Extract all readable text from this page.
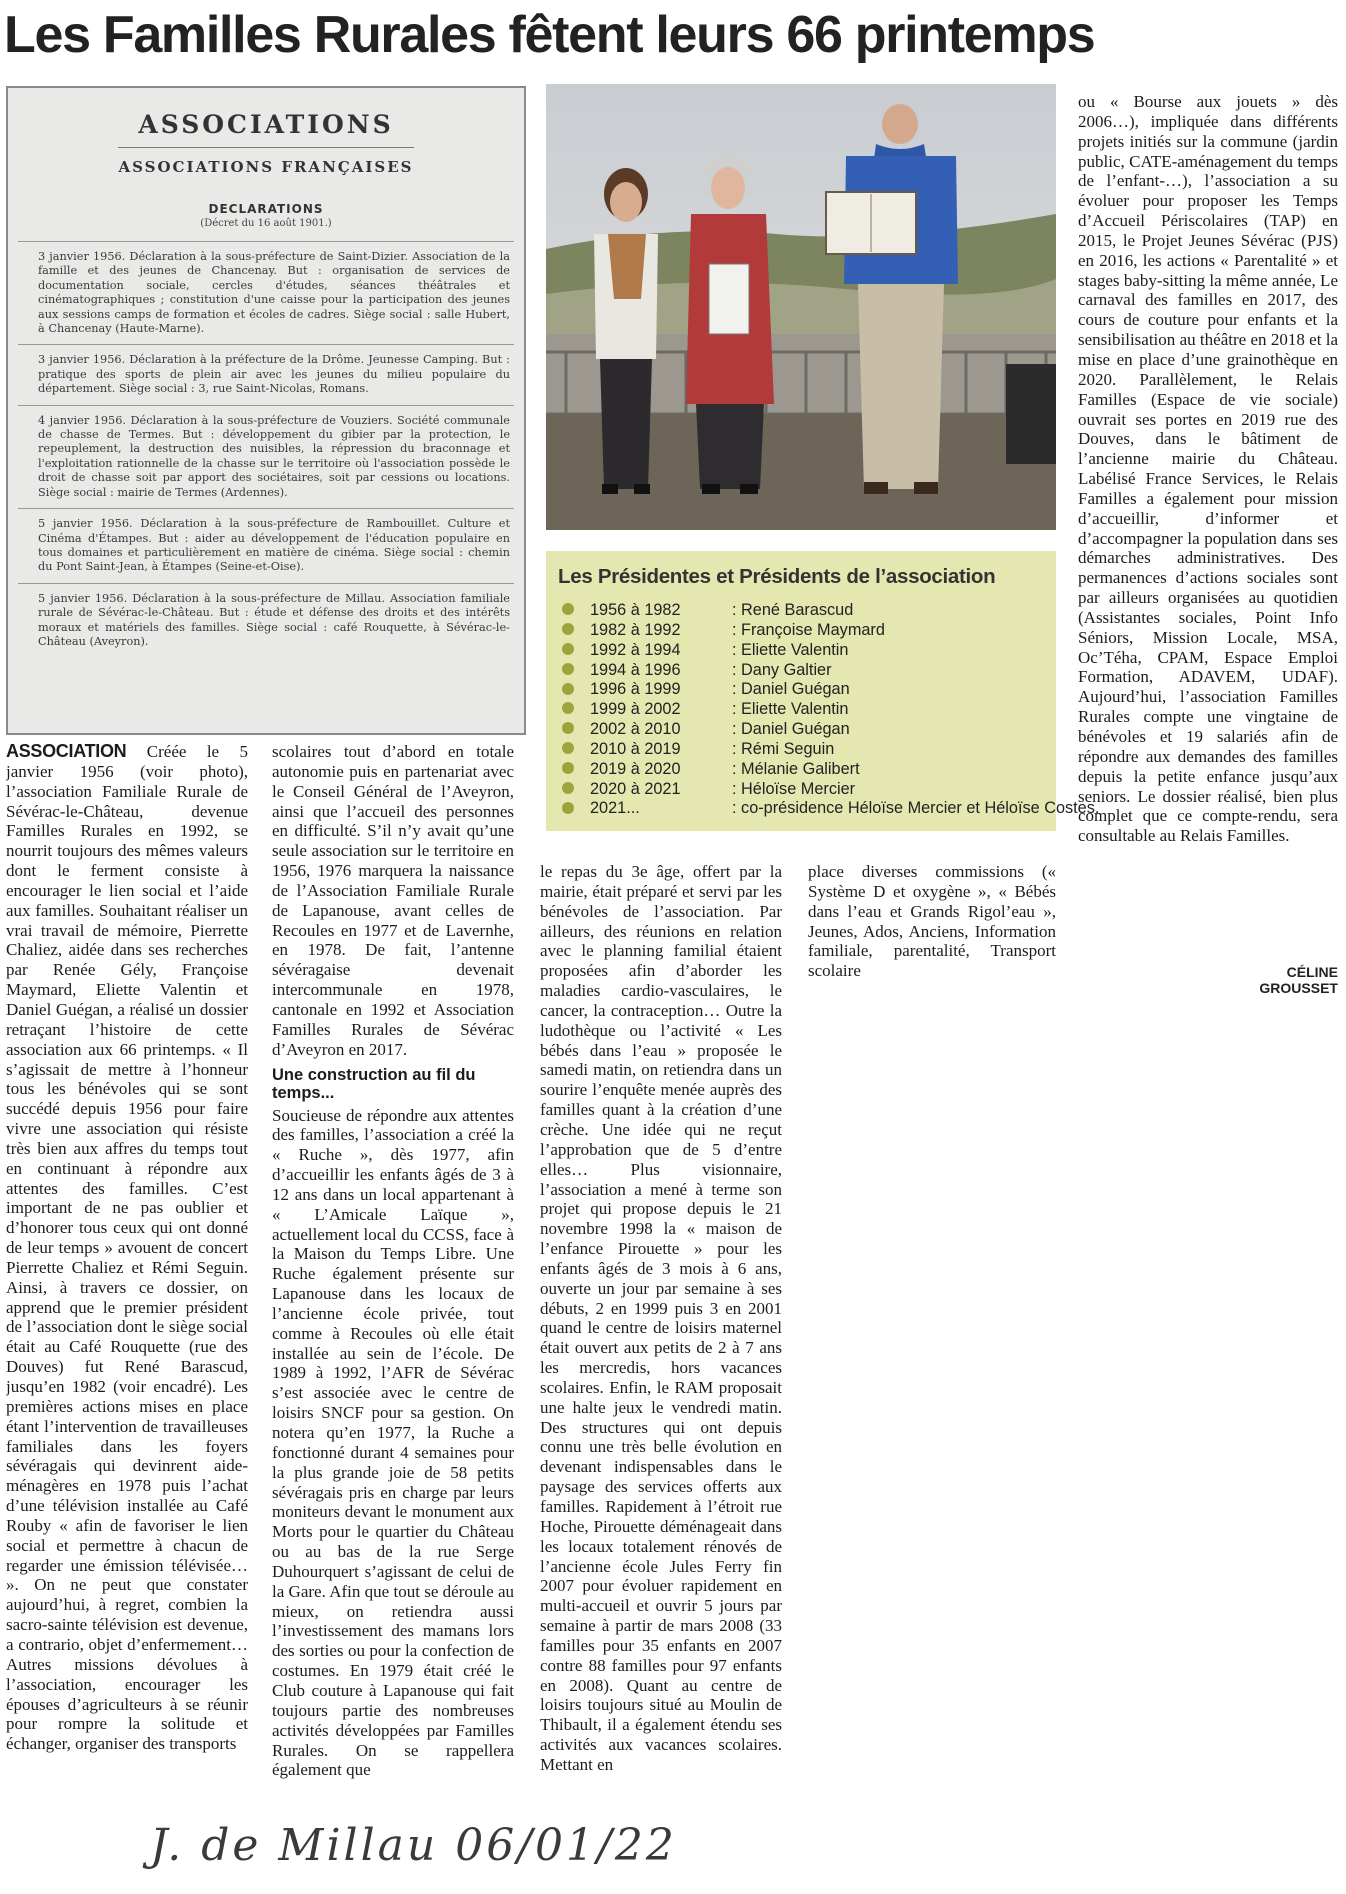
Les Familles Rurales fêtent leurs 66 printemps
ASSOCIATIONS
ASSOCIATIONS FRANÇAISES
DECLARATIONS
(Décret du 16 août 1901.)
3 janvier 1956. Déclaration à la sous-préfecture de Saint-Dizier. Association de la famille et des jeunes de Chancenay. But : organisation de services de documentation sociale, cercles d'études, séances théâtrales et cinématographiques ; constitution d'une caisse pour la participation des jeunes aux sessions camps de formation et écoles de cadres. Siège social : salle Hubert, à Chancenay (Haute-Marne).
3 janvier 1956. Déclaration à la préfecture de la Drôme. Jeunesse Camping. But : pratique des sports de plein air avec les jeunes du milieu populaire du département. Siège social : 3, rue Saint-Nicolas, Romans.
4 janvier 1956. Déclaration à la sous-préfecture de Vouziers. Société communale de chasse de Termes. But : développement du gibier par la protection, le repeuplement, la destruction des nuisibles, la répression du braconnage et l'exploitation rationnelle de la chasse sur le territoire où l'association possède le droit de chasse soit par apport des sociétaires, soit par cessions ou locations. Siège social : mairie de Termes (Ardennes).
5 janvier 1956. Déclaration à la sous-préfecture de Rambouillet. Culture et Cinéma d'Étampes. But : aider au développement de l'éducation populaire en tous domaines et particulièrement en matière de cinéma. Siège social : chemin du Pont Saint-Jean, à Étampes (Seine-et-Oise).
5 janvier 1956. Déclaration à la sous-préfecture de Millau. Association familiale rurale de Sévérac-le-Château. But : étude et défense des droits et des intérêts moraux et matériels des familles. Siège social : café Rouquette, à Sévérac-le-Château (Aveyron).
Les Présidentes et Présidents de l’association
1956 à 1982	: René Barascud
1982 à 1992	: Françoise Maymard
1992 à 1994	: Eliette Valentin
1994 à 1996	: Dany Galtier
1996 à 1999	: Daniel Guégan
1999 à 2002	: Eliette Valentin
2002 à 2010	: Daniel Guégan
2010 à 2019	: Rémi Seguin
2019 à 2020	: Mélanie Galibert
2020 à 2021	: Héloïse Mercier
2021...	: co-présidence Héloïse Mercier et Héloïse Costes.

ASSOCIATION Créée le 5 janvier 1956 (voir photo), l’association Familiale Rurale de Sévérac-le-Château, devenue Familles Rurales en 1992, se nourrit toujours des mêmes valeurs dont le ferment consiste à encourager le lien social et l’aide aux familles. Souhaitant réaliser un vrai travail de mémoire, Pierrette Chaliez, aidée dans ses recherches par Renée Gély, Françoise Maymard, Eliette Valentin et Daniel Guégan, a réalisé un dossier retraçant l’histoire de cette association aux 66 printemps. « Il s’agissait de mettre à l’honneur tous les bénévoles qui se sont succédé depuis 1956 pour faire vivre une association qui résiste très bien aux affres du temps tout en continuant à répondre aux attentes des familles. C’est important de ne pas oublier et d’honorer tous ceux qui ont donné de leur temps » avouent de concert Pierrette Chaliez et Rémi Seguin. Ainsi, à travers ce dossier, on apprend que le premier président de l’association dont le siège social était au Café Rouquette (rue des Douves) fut René Barascud, jusqu’en 1982 (voir encadré). Les premières actions mises en place étant l’intervention de travailleuses familiales dans les foyers sévéragais qui devinrent aide-ménagères en 1978 puis l’achat d’une télévision installée au Café Rouby « afin de favoriser le lien social et permettre à chacun de regarder une émission télévisée… ». On ne peut que constater aujourd’hui, à regret, combien la sacro-sainte télévision est devenue, a contrario, objet d’enfermement… Autres missions dévolues à l’association, encourager les épouses d’agriculteurs à se réunir pour rompre la solitude et échanger, organiser des transports

scolaires tout d’abord en totale autonomie puis en partenariat avec le Conseil Général de l’Aveyron, ainsi que l’accueil des personnes en difficulté. S’il n’y avait qu’une seule association sur le territoire en 1956, 1976 marquera la naissance de l’Association Familiale Rurale de Lapanouse, avant celles de Recoules en 1977 et de Lavernhe, en 1978. De fait, l’antenne sévéragaise devenait intercommunale en 1978, cantonale en 1992 et Association Familles Rurales de Sévérac d’Aveyron en 2017.

Une construction au fil du temps...

Soucieuse de répondre aux attentes des familles, l’association a créé la « Ruche », dès 1977, afin d’accueillir les enfants âgés de 3 à 12 ans dans un local appartenant à « L’Amicale Laïque », actuellement local du CCSS, face à la Maison du Temps Libre. Une Ruche également présente sur Lapanouse dans les locaux de l’ancienne école privée, tout comme à Recoules où elle était installée au sein de l’école. De 1989 à 1992, l’AFR de Sévérac s’est associée avec le centre de loisirs SNCF pour sa gestion. On notera qu’en 1977, la Ruche a fonctionné durant 4 semaines pour la plus grande joie de 58 petits sévéragais pris en charge par leurs moniteurs devant le monument aux Morts pour le quartier du Château ou au bas de la rue Serge Duhourquert s’agissant de celui de la Gare. Afin que tout se déroule au mieux, on retiendra aussi l’investissement des mamans lors des sorties ou pour la confection de costumes. En 1979 était créé le Club couture à Lapanouse qui fait toujours partie des nombreuses activités développées par Familles Rurales. On se rappellera également que

le repas du 3e âge, offert par la mairie, était préparé et servi par les bénévoles de l’association. Par ailleurs, des réunions en relation avec le planning familial étaient proposées afin d’aborder les maladies cardio-vasculaires, le cancer, la contraception… Outre la ludothèque ou l’activité « Les bébés dans l’eau » proposée le samedi matin, on retiendra dans un sourire l’enquête menée auprès des familles quant à la création d’une crèche. Une idée qui ne reçut l’approbation que de 5 d’entre elles… Plus visionnaire, l’association a mené à terme son projet qui propose depuis le 21 novembre 1998 la « maison de l’enfance Pirouette » pour les enfants âgés de 3 mois à 6 ans, ouverte un jour par semaine à ses débuts, 2 en 1999 puis 3 en 2001 quand le centre de loisirs maternel était ouvert aux petits de 2 à 7 ans les mercredis, hors vacances scolaires. Enfin, le RAM proposait une halte jeux le vendredi matin. Des structures qui ont depuis connu une très belle évolution en devenant indispensables dans le paysage des services offerts aux familles. Rapidement à l’étroit rue Hoche, Pirouette déménageait dans les locaux totalement rénovés de l’ancienne école Jules Ferry fin 2007 pour évoluer rapidement en multi-accueil et ouvrir 5 jours par semaine à partir de mars 2008 (33 familles pour 35 enfants en 2007 contre 88 familles pour 97 enfants en 2008). Quant au centre de loisirs toujours situé au Moulin de Thibault, il a également étendu ses activités aux vacances scolaires. Mettant en

place diverses commissions (« Système D et oxygène », « Bébés dans l’eau et Grands Rigol’eau », Jeunes, Ados, Anciens, Information familiale, parentalité, Transport scolaire

ou « Bourse aux jouets » dès 2006…), impliquée dans différents projets initiés sur la commune (jardin public, CATE-aménagement du temps de l’enfant-…), l’association a su évoluer pour proposer les Temps d’Accueil Périscolaires (TAP) en 2015, le Projet Jeunes Sévérac (PJS) en 2016, les actions « Parentalité » et stages baby-sitting la même année, Le carnaval des familles en 2017, des cours de couture pour enfants et la sensibilisation au théâtre en 2018 et la mise en place d’une grainothèque en 2020. Parallèlement, le Relais Familles (Espace de vie sociale) ouvrait ses portes en 2019 rue des Douves, dans le bâtiment de l’ancienne mairie du Château. Labélisé France Services, le Relais Familles a également pour mission d’accueillir, d’informer et d’accompagner la population dans ses démarches administratives. Des permanences d’actions sociales sont par ailleurs organisées au quotidien (Assistantes sociales, Point Info Séniors, Mission Locale, MSA, Oc’Téha, CPAM, Espace Emploi Formation, ADAVEM, UDAF). Aujourd’hui, l’association Familles Rurales compte une vingtaine de bénévoles et 19 salariés afin de répondre aux demandes des familles depuis la petite enfance jusqu’aux seniors. Le dossier réalisé, bien plus complet que ce compte-rendu, sera consultable au Relais Familles.

CÉLINE GROUSSET
J. de Millau 06/01/22
